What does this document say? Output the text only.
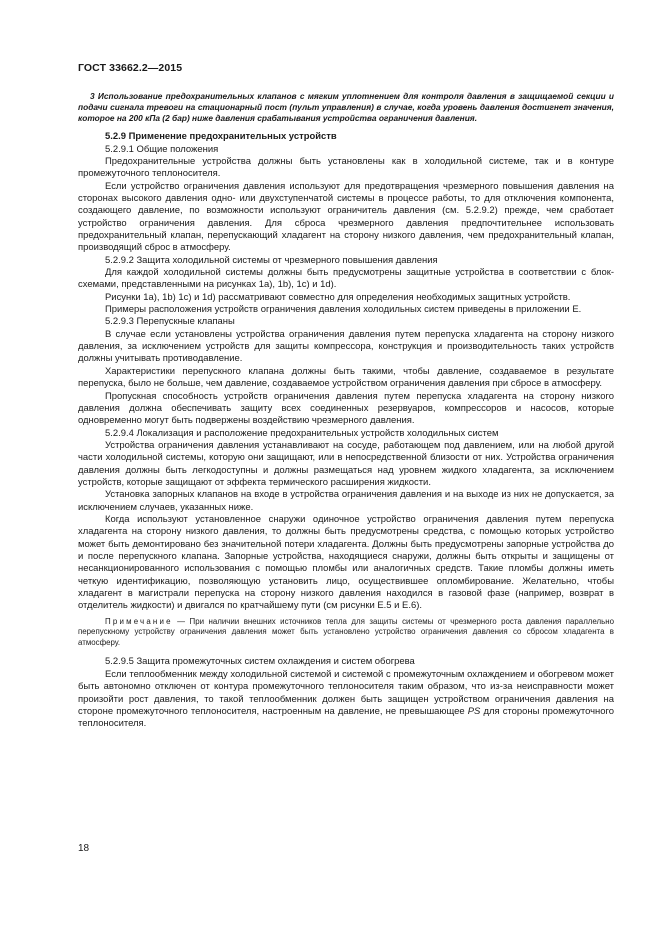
ГОСТ 33662.2—2015

3 Использование предохранительных клапанов с мягким уплотнением для контроля давления в защищаемой секции и подачи сигнала тревоги на стационарный пост (пульт управления) в случае, когда уровень давления достигнет значения, которое на 200 кПа (2 бар) ниже давления срабатывания устройства ограничения давления.

5.2.9 Применение предохранительных устройств

5.2.9.1 Общие положения

Предохранительные устройства должны быть установлены как в холодильной системе, так и в контуре промежуточного теплоносителя.

Если устройство ограничения давления используют для предотвращения чрезмерного повышения давления на сторонах высокого давления одно- или двухступенчатой системы в процессе работы, то для отключения компонента, создающего давление, по возможности используют ограничитель давления (см. 5.2.9.2) прежде, чем сработает устройство ограничения давления. Для сброса чрезмерного давления предпочтительнее использовать предохранительный клапан, перепускающий хладагент на сторону низкого давления, чем предохранительный клапан, производящий сброс в атмосферу.

5.2.9.2 Защита холодильной системы от чрезмерного повышения давления

Для каждой холодильной системы должны быть предусмотрены защитные устройства в соответствии с блок-схемами, представленными на рисунках 1а), 1b), 1c) и 1d).

Рисунки 1а), 1b) 1c) и 1d) рассматривают совместно для определения необходимых защитных устройств.

Примеры расположения устройств ограничения давления холодильных систем приведены в приложении Е.

5.2.9.3 Перепускные клапаны

В случае если установлены устройства ограничения давления путем перепуска хладагента на сторону низкого давления, за исключением устройств для защиты компрессора, конструкция и производительность таких устройств должны учитывать противодавление.

Характеристики перепускного клапана должны быть такими, чтобы давление, создаваемое в результате перепуска, было не больше, чем давление, создаваемое устройством ограничения давления при сбросе в атмосферу.

Пропускная способность устройств ограничения давления путем перепуска хладагента на сторону низкого давления должна обеспечивать защиту всех соединенных резервуаров, компрессоров и насосов, которые одновременно могут быть подвержены воздействию чрезмерного давления.

5.2.9.4 Локализация и расположение предохранительных устройств холодильных систем

Устройства ограничения давления устанавливают на сосуде, работающем под давлением, или на любой другой части холодильной системы, которую они защищают, или в непосредственной близости от них. Устройства ограничения давления должны быть легкодоступны и должны размещаться над уровнем жидкого хладагента, за исключением устройств, которые защищают от эффекта термического расширения жидкости.

Установка запорных клапанов на входе в устройства ограничения давления и на выходе из них не допускается, за исключением случаев, указанных ниже.

Когда используют установленное снаружи одиночное устройство ограничения давления путем перепуска хладагента на сторону низкого давления, то должны быть предусмотрены средства, с помощью которых устройство может быть демонтировано без значительной потери хладагента. Должны быть предусмотрены запорные устройства до и после перепускного клапана. Запорные устройства, находящиеся снаружи, должны быть открыты и защищены от несанкционированного использования с помощью пломбы или аналогичных средств. Такие пломбы должны иметь четкую идентификацию, позволяющую установить лицо, осуществившее опломбирование. Желательно, чтобы хладагент в магистрали перепуска на сторону низкого давления находился в газовой фазе (например, возврат в отделитель жидкости) и двигался по кратчайшему пути (см рисунки Е.5 и Е.6).

Примечание — При наличии внешних источников тепла для защиты системы от чрезмерного роста давления параллельно перепускному устройству ограничения давления может быть установлено устройство ограничения давления со сбросом хладагента в атмосферу.

5.2.9.5 Защита промежуточных систем охлаждения и систем обогрева

Если теплообменник между холодильной системой и системой с промежуточным охлаждением и обогревом может быть автономно отключен от контура промежуточного теплоносителя таким образом, что из-за неисправности может произойти рост давления, то такой теплообменник должен быть защищен устройством ограничения давления на стороне промежуточного теплоносителя, настроенным на давление, не превышающее PS для стороны промежуточного теплоносителя.

18
